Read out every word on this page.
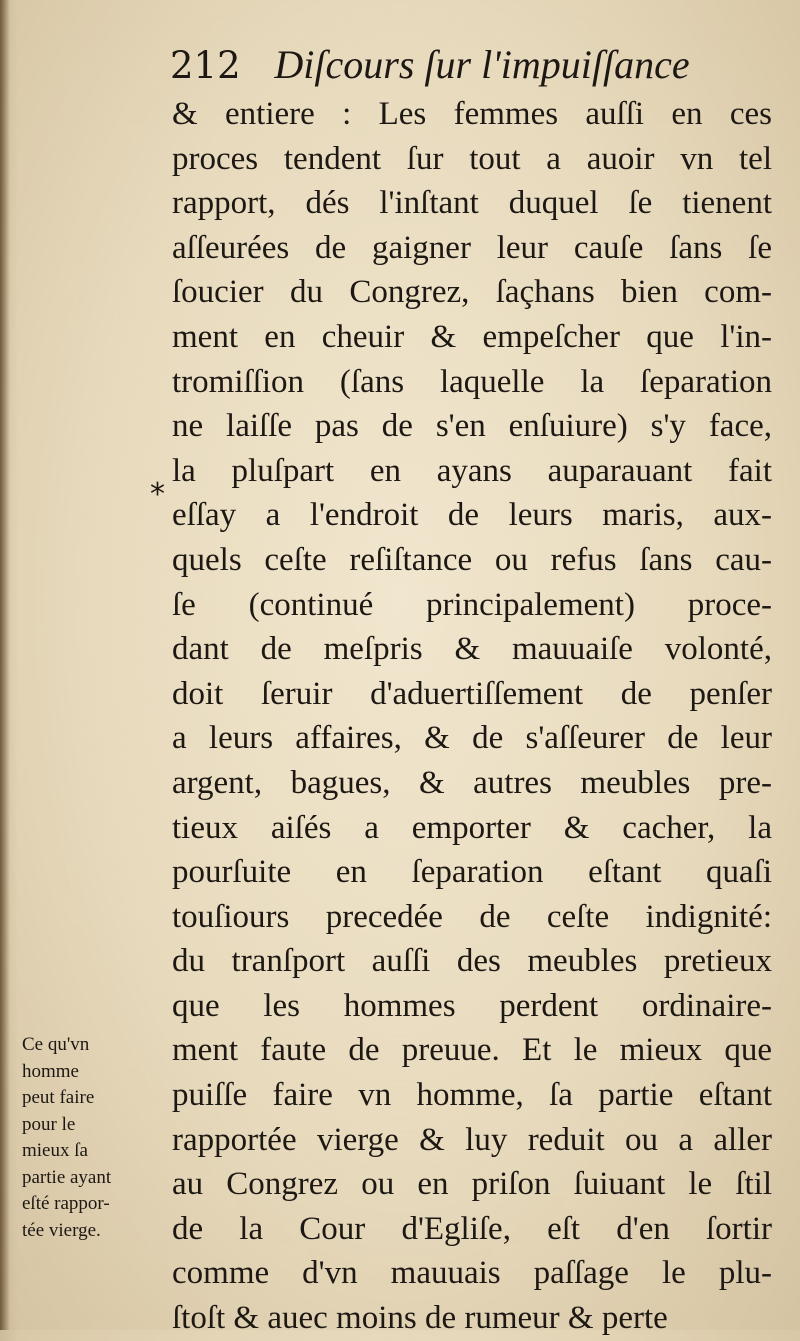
212 Diſcours ſur l'impuiſſance
*
& entiere : Les femmes auſſi en ces
proces tendent ſur tout a auoir vn tel
rapport, dés l'inſtant duquel ſe tienent
aſſeurées de gaigner leur cauſe ſans ſe
ſoucier du Congrez, ſaçhans bien com-
ment en cheuir & empeſcher que l'in-
tromiſſion (ſans laquelle la ſeparation
ne laiſſe pas de s'en enſuiure) s'y face,
la pluſpart en ayans auparauant fait
eſſay a l'endroit de leurs maris, aux-
quels ceſte reſiſtance ou refus ſans cau-
ſe (continué principalement) proce-
dant de meſpris & mauuaiſe volonté,
doit ſeruir d'aduertiſſement de penſer
a leurs affaires, & de s'aſſeurer de leur
argent, bagues, & autres meubles pre-
tieux aiſés a emporter & cacher, la
pourſuite en ſeparation eſtant quaſi
touſiours precedée de ceſte indignité:
du tranſport auſſi des meubles pretieux
que les hommes perdent ordinaire-
ment faute de preuue. Et le mieux que
puiſſe faire vn homme, ſa partie eſtant
rapportée vierge & luy reduit ou a aller
au Congrez ou en priſon ſuiuant le ſtil
de la Cour d'Egliſe, eſt d'en ſortir
comme d'vn mauuais paſſage le plu-
ſtoſt & auec moins de rumeur & perte
Ce qu'vn
homme
peut faire
pour le
mieux ſa
partie ayant
eſté rappor-
tée vierge.
